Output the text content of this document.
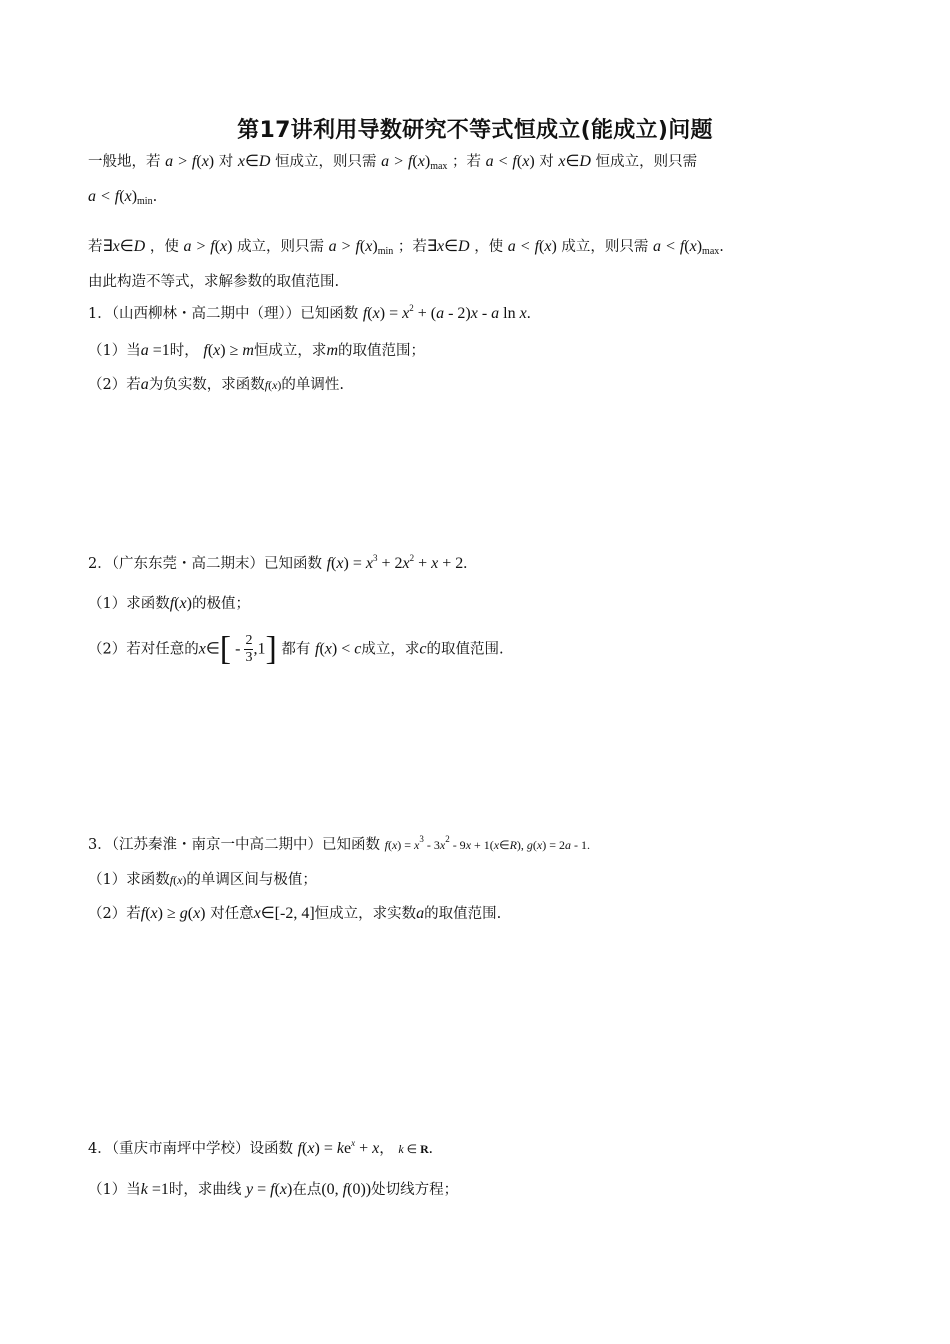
第17讲利用导数研究不等式恒成立(能成立)问题
一般地，若 a > f(x) 对 x∈D 恒成立，则只需 $a > f(x)_{max}$ ；若 a < f(x) 对 x∈D 恒成立，则只需
$a < f(x)_{min}$.
若∃x∈D ，使 a > f(x) 成立，则只需 $a > f(x)_{min}$ ；若∃x∈D ，使 a < f(x) 成立，则只需 $a < f(x)_{max}$.
由此构造不等式，求解参数的取值范围.
1．（山西柳林・高二期中（理））已知函数 $f(x) = x^2 + (a - 2)x - a$ ln x.
（1）当a =1时， f(x) ≥ m恒成立，求m的取值范围；
（2）若a为负实数，求函数f(x)的单调性.
2．（广东东莞・高二期末）已知函数 $f(x) = x^3 + 2x^2 + x + 2$.
（1）求函数f(x)的极值；
（2）若对任意的x∈[ - $\frac{2}{3} ,1$] 都有 f(x) < c成立，求c的取值范围.
3．（江苏秦淮・南京一中高二期中）已知函数 $f(x) = x^3 - 3x^2 - 9x$ + 1(x∈R), g(x) = 2a - 1.
（1）求函数f(x)的单调区间与极值；
（2）若f(x) ≥ g(x) 对任意x∈[-2, 4]恒成立，求实数a的取值范围.
4．（重庆市南坪中学校）设函数 $f(x) = ke^x + x$， k ∈ R.
（1）当k =1时，求曲线 y = f(x)在点(0, f(0))处切线方程；
